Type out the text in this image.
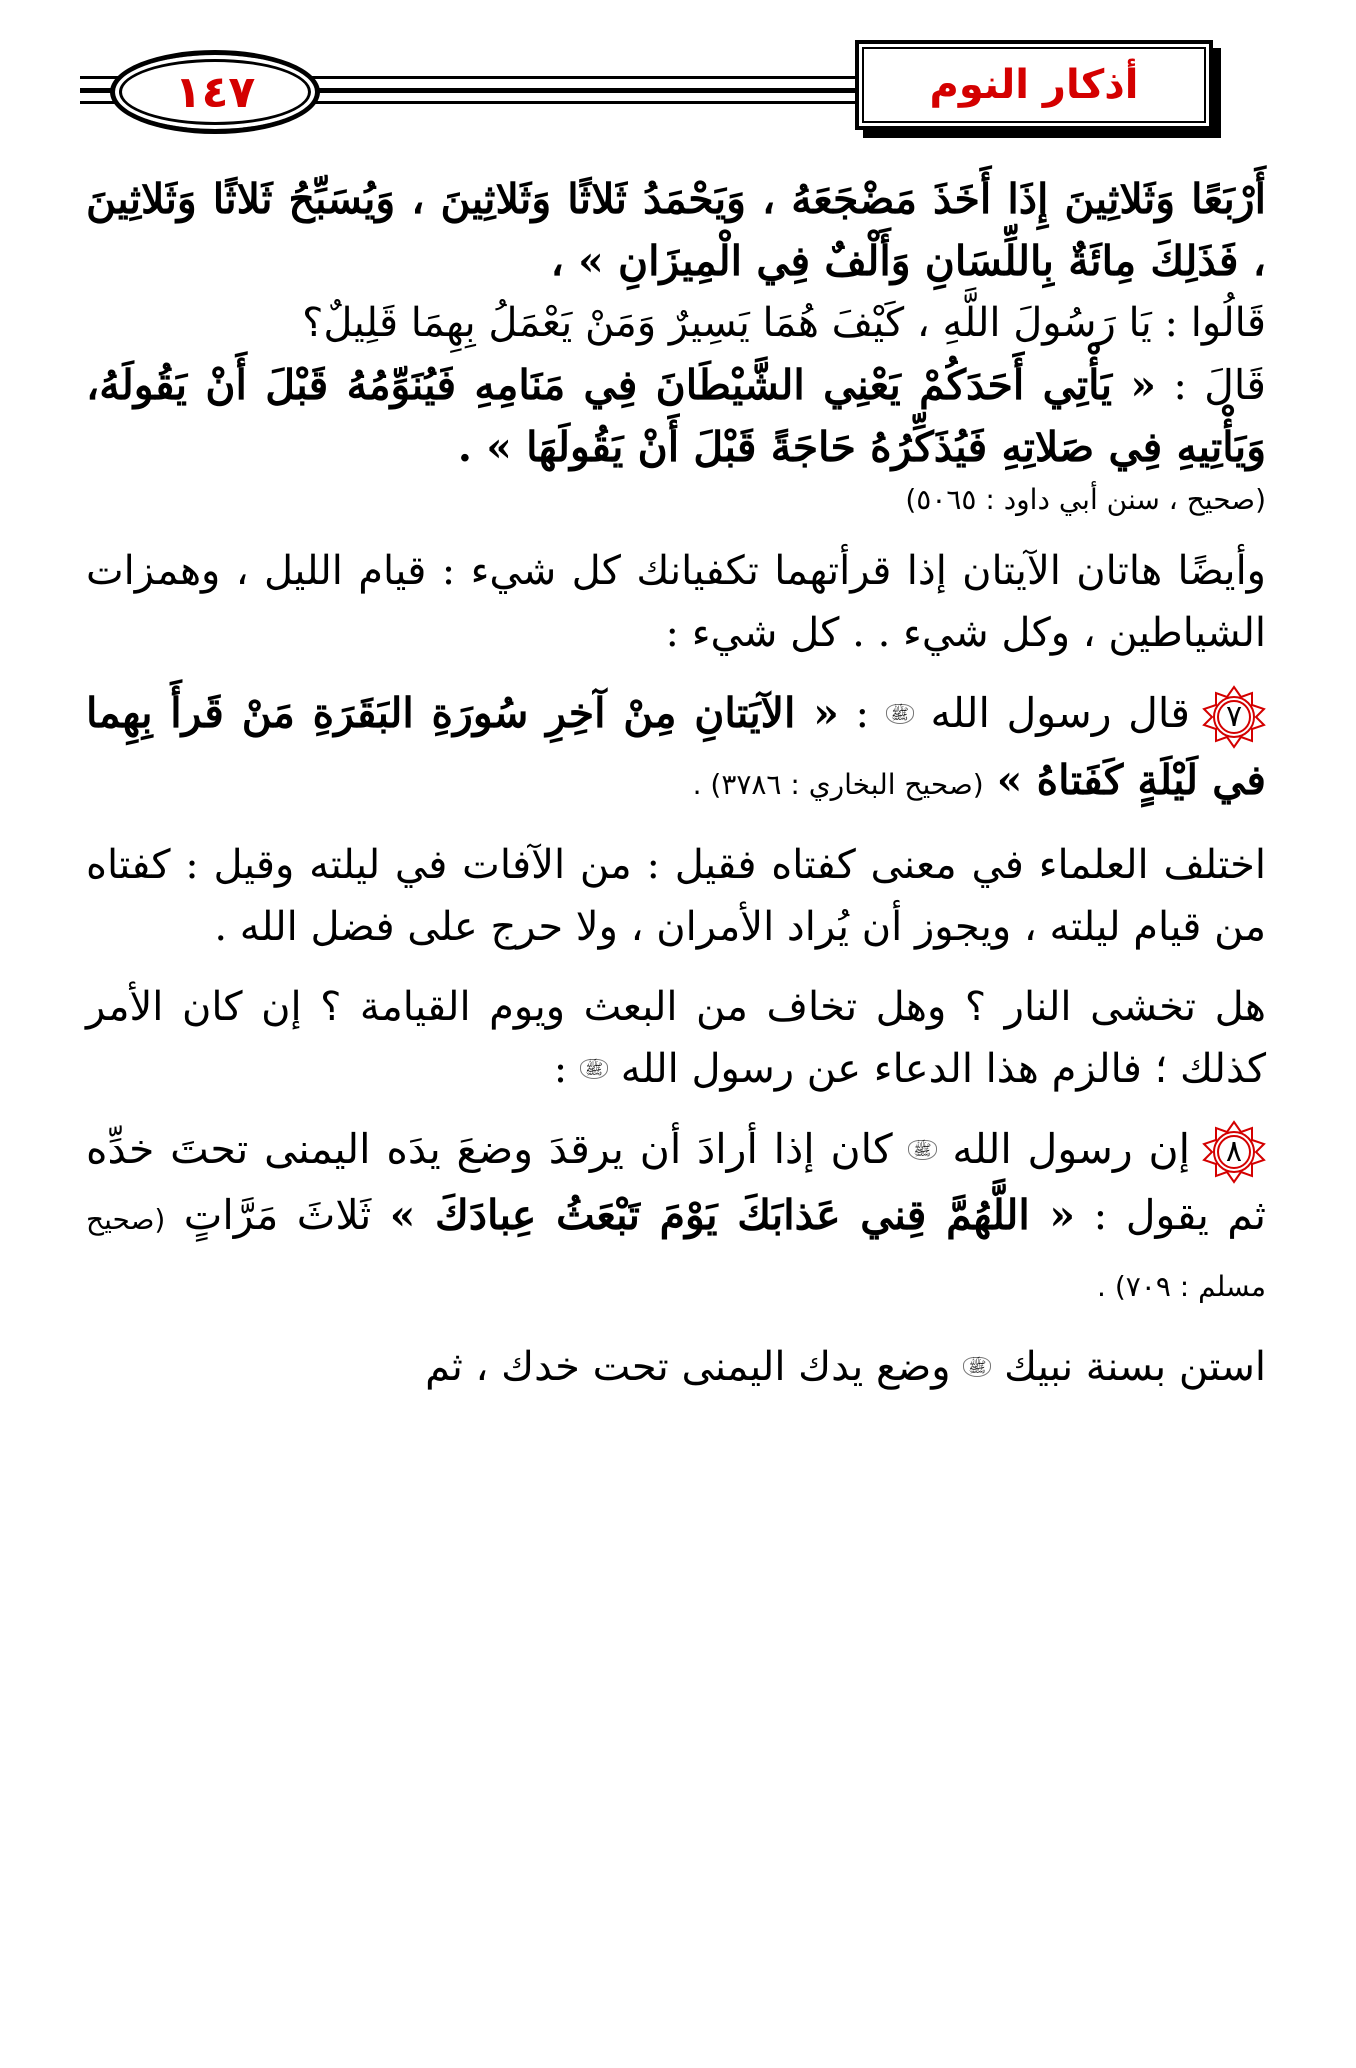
١٤٧	أذكار النوم

أَرْبَعًا وَثَلاثِينَ إِذَا أَخَذَ مَضْجَعَهُ ، وَيَحْمَدُ ثَلاثًا وَثَلاثِينَ ، وَيُسَبِّحُ ثَلاثًا وَثَلاثِينَ ، فَذَلِكَ مِائَةٌ بِاللِّسَانِ وَأَلْفٌ فِي الْمِيزَانِ » ،

قَالُوا : يَا رَسُولَ اللَّهِ ، كَيْفَ هُمَا يَسِيرٌ وَمَنْ يَعْمَلُ بِهِمَا قَلِيلٌ؟

قَالَ : « يَأْتِي أَحَدَكُمْ يَعْنِي الشَّيْطَانَ فِي مَنَامِهِ فَيُنَوِّمُهُ قَبْلَ أَنْ يَقُولَهُ، وَيَأْتِيهِ فِي صَلاتِهِ فَيُذَكِّرُهُ حَاجَةً قَبْلَ أَنْ يَقُولَهَا » .

(صحيح ، سنن أبي داود : ٥٠٦٥)

وأيضًا هاتان الآيتان إذا قرأتهما تكفيانك كل شيء : قيام الليل ، وهمزات الشياطين ، وكل شيء . . كل شيء :

٧
قال رسول الله ﷺ : « الآيَتانِ مِنْ آخِرِ سُورَةِ البَقَرَةِ مَنْ قَرأَ بِهِما في لَيْلَةٍ كَفَتاهُ » (صحيح البخاري : ٣٧٨٦) .

اختلف العلماء في معنى كفتاه فقيل : من الآفات في ليلته وقيل : كفتاه من قيام ليلته ، ويجوز أن يُراد الأمران ، ولا حرج على فضل الله .

هل تخشى النار ؟ وهل تخاف من البعث ويوم القيامة ؟ إن كان الأمر كذلك ؛ فالزم هذا الدعاء عن رسول الله ﷺ :

٨
إن رسول الله ﷺ كان إذا أرادَ أن يرقدَ وضعَ يدَه اليمنى تحتَ خدِّه ثم يقول : « اللَّهُمَّ قِني عَذابَكَ يَوْمَ تَبْعَثُ عِبادَكَ » ثَلاثَ مَرَّاتٍ (صحيح مسلم : ٧٠٩) .

استن بسنة نبيك ﷺ وضع يدك اليمنى تحت خدك ، ثم
